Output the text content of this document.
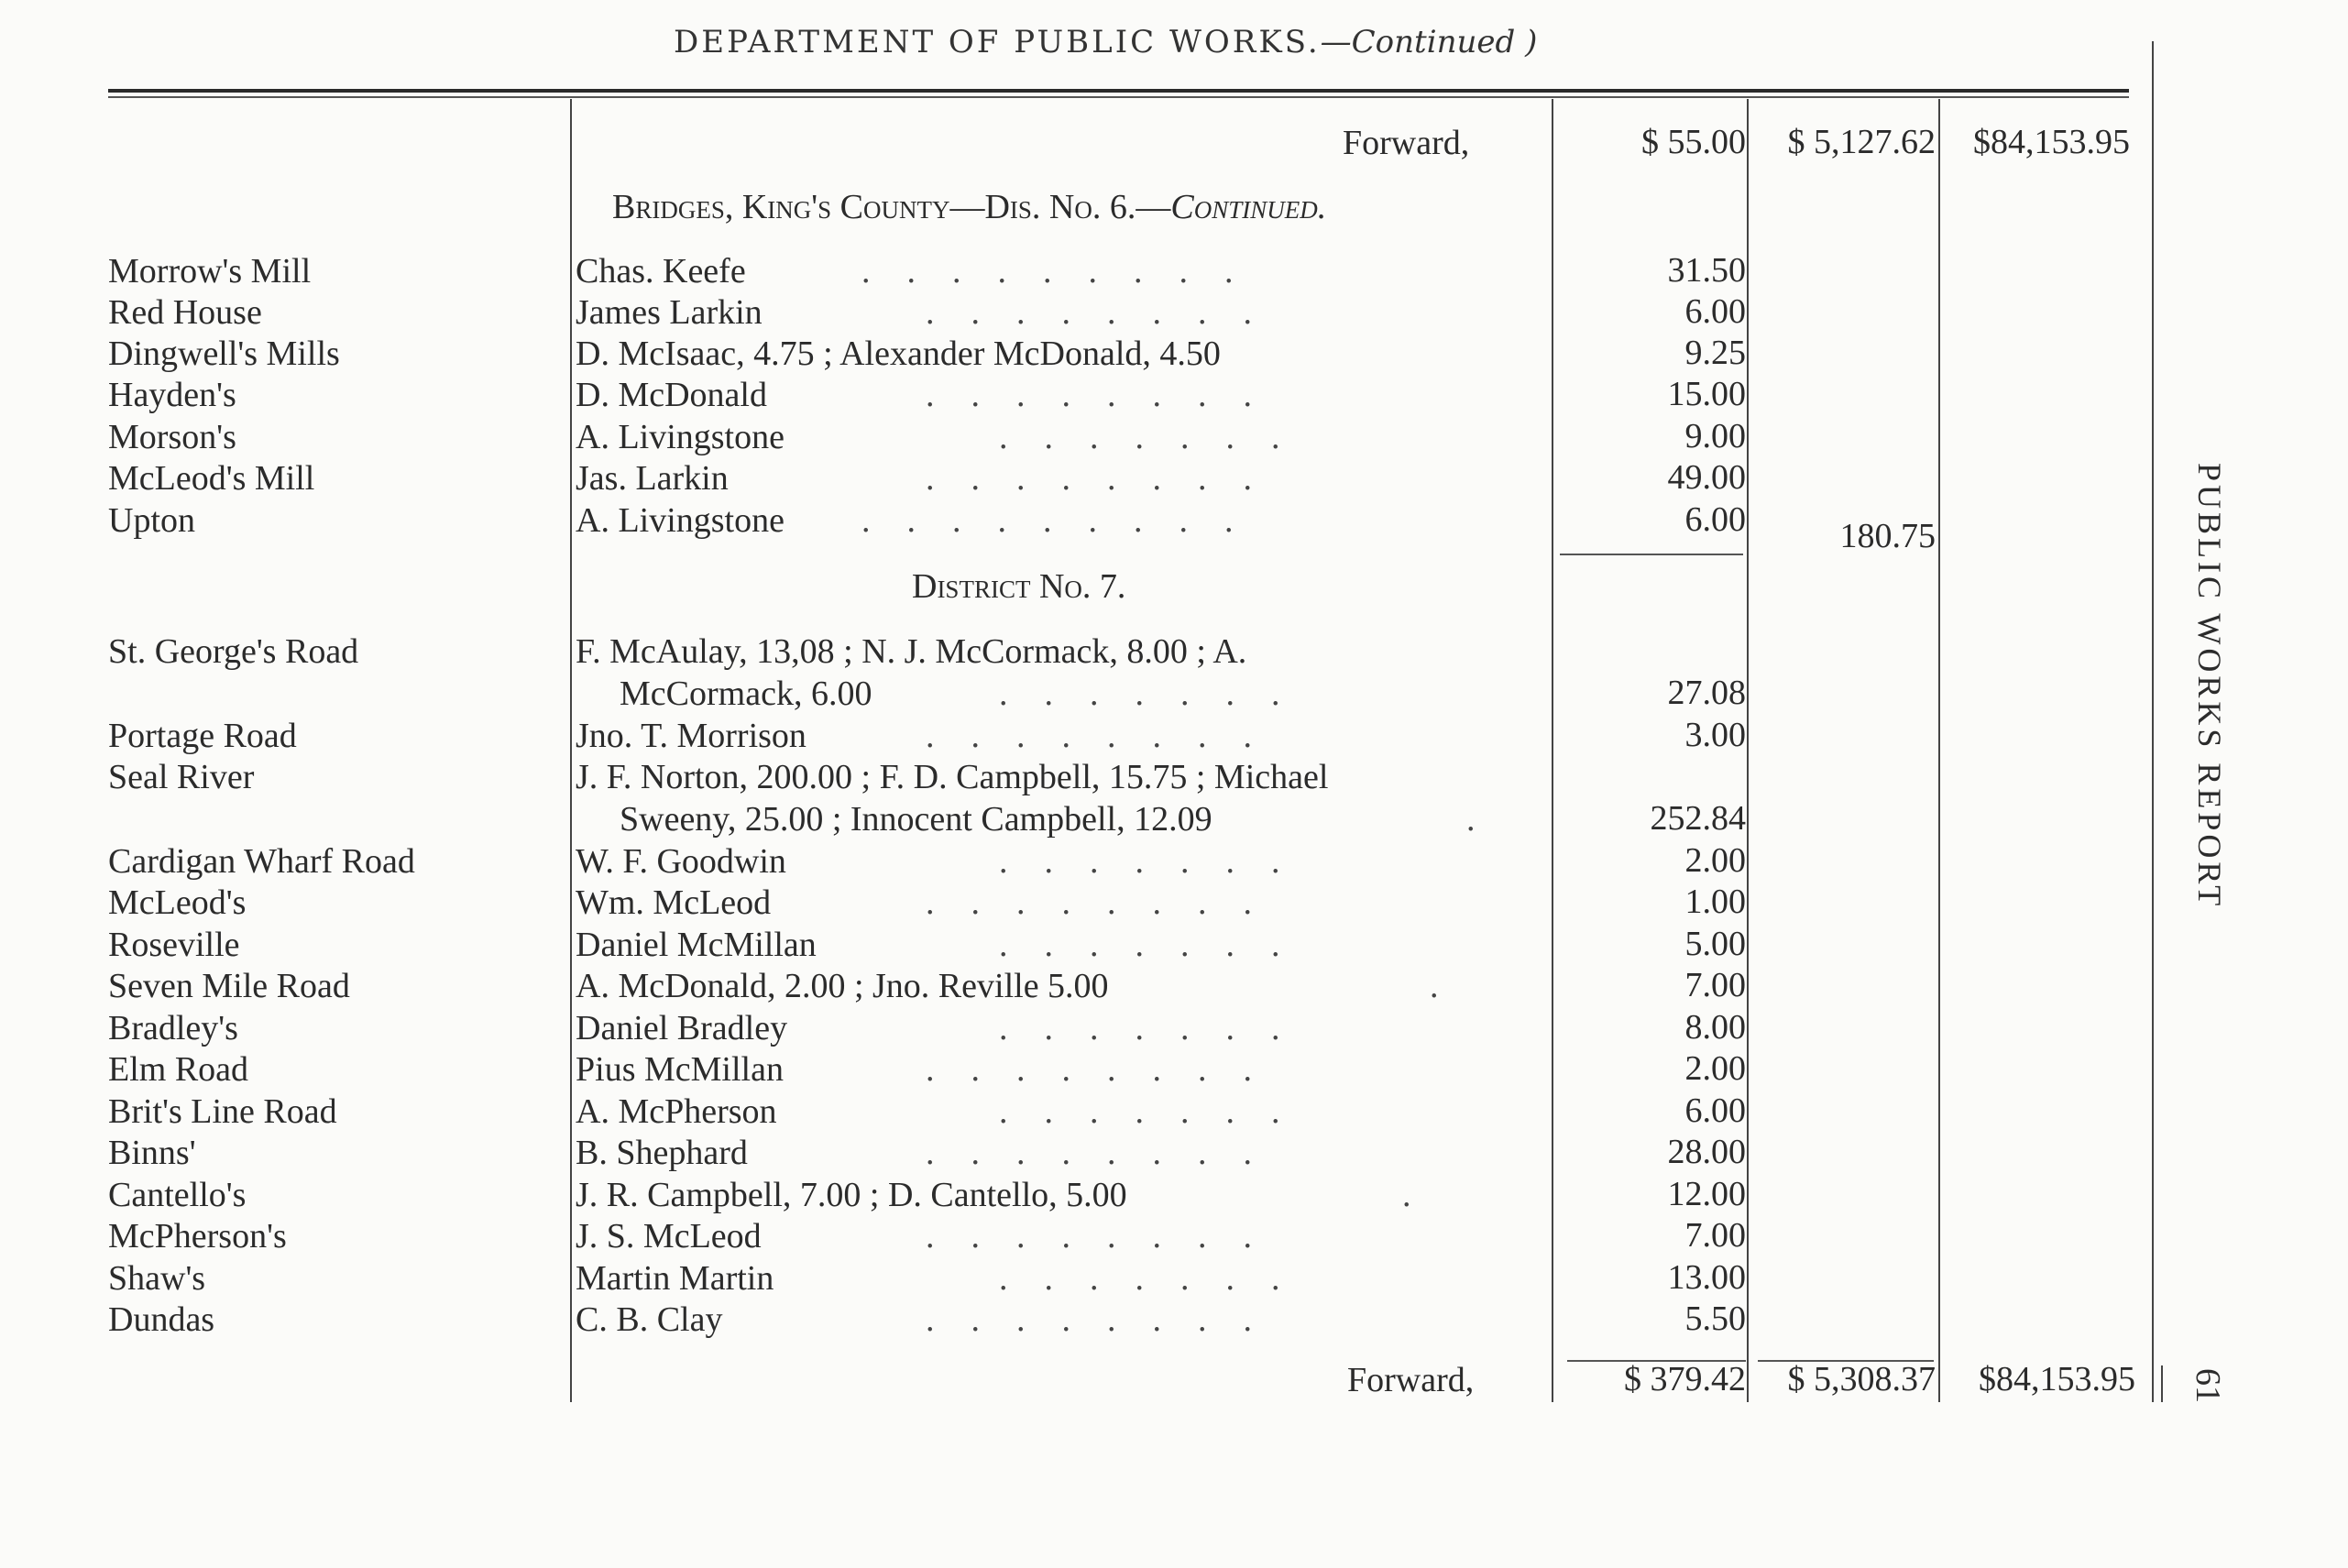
DEPARTMENT OF PUBLIC WORKS.—Continued )
Forward,	$ 55.00	$ 5,127.62	$84,153.95
Bridges, King's County—Dis. No. 6.—Continued.
Morrow's Mill	Chas. Keefe	.........	31.50
Red House	James Larkin	........	6.00
Dingwell's Mills	D. McIsaac, 4.75 ; Alexander McDonald, 4.50	9.25
Hayden's	D. McDonald	........	15.00
Morson's	A. Livingstone	.......	9.00
McLeod's Mill	Jas. Larkin	........	49.00
Upton	A. Livingstone .........	6.00	180.75
District No. 7.
St. George's Road	F. McAulay, 13,08 ; N. J. McCormack, 8.00 ; A.
McCormack, 6.00	.......	27.08
Portage Road	Jno. T. Morrison	........	3.00
Seal River	J. F. Norton, 200.00 ; F. D. Campbell, 15.75 ; Michael
Sweeny, 25.00 ; Innocent Campbell, 12.09	.	252.84
Cardigan Wharf Road	W. F. Goodwin	.......	2.00
McLeod's	Wm. McLeod	........	1.00
Roseville	Daniel McMillan	.......	5.00
Seven Mile Road	A. McDonald, 2.00 ; Jno. Reville 5.00	.	7.00
Bradley's	Daniel Bradley	.......	8.00
Elm Road	Pius McMillan	........	2.00
Brit's Line Road	A. McPherson	.......	6.00
Binns'	B. Shephard	........	28.00
Cantello's	J. R. Campbell, 7.00 ; D. Cantello, 5.00	.	12.00
McPherson's	J. S. McLeod	........	7.00
Shaw's	Martin Martin	.......	13.00
Dundas	C. B. Clay	........	5.50
Forward,	$ 379.42	$ 5,308.37	$84,153.95
PUBLIC WORKS REPORT
61
